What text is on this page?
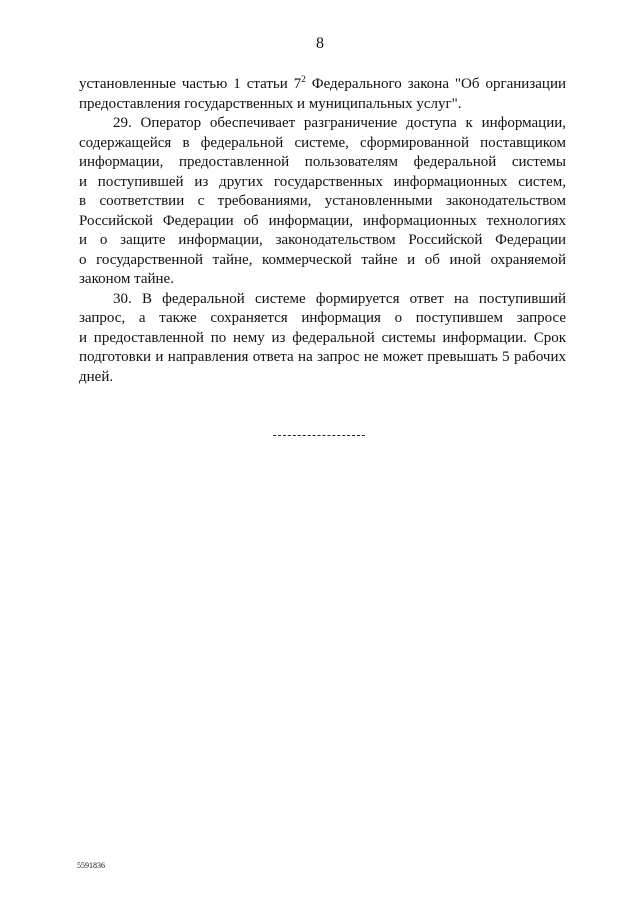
8
установленные частью 1 статьи $7^2$ Федерального закона "Об организации
предоставления государственных и муниципальных услуг".
29. Оператор обеспечивает разграничение доступа к информации,
содержащейся в федеральной системе, сформированной поставщиком
информации, предоставленной пользователям федеральной системы
и поступившей из других государственных информационных систем,
в соответствии с требованиями, установленными законодательством
Российской Федерации об информации, информационных технологиях
и о защите информации, законодательством Российской Федерации
о государственной тайне, коммерческой тайне и об иной охраняемой
законом тайне.
30. В федеральной системе формируется ответ на поступивший
запрос, а также сохраняется информация о поступившем запросе
и предоставленной по нему из федеральной системы информации. Срок
подготовки и направления ответа на запрос не может превышать 5 рабочих
дней.
5591836
